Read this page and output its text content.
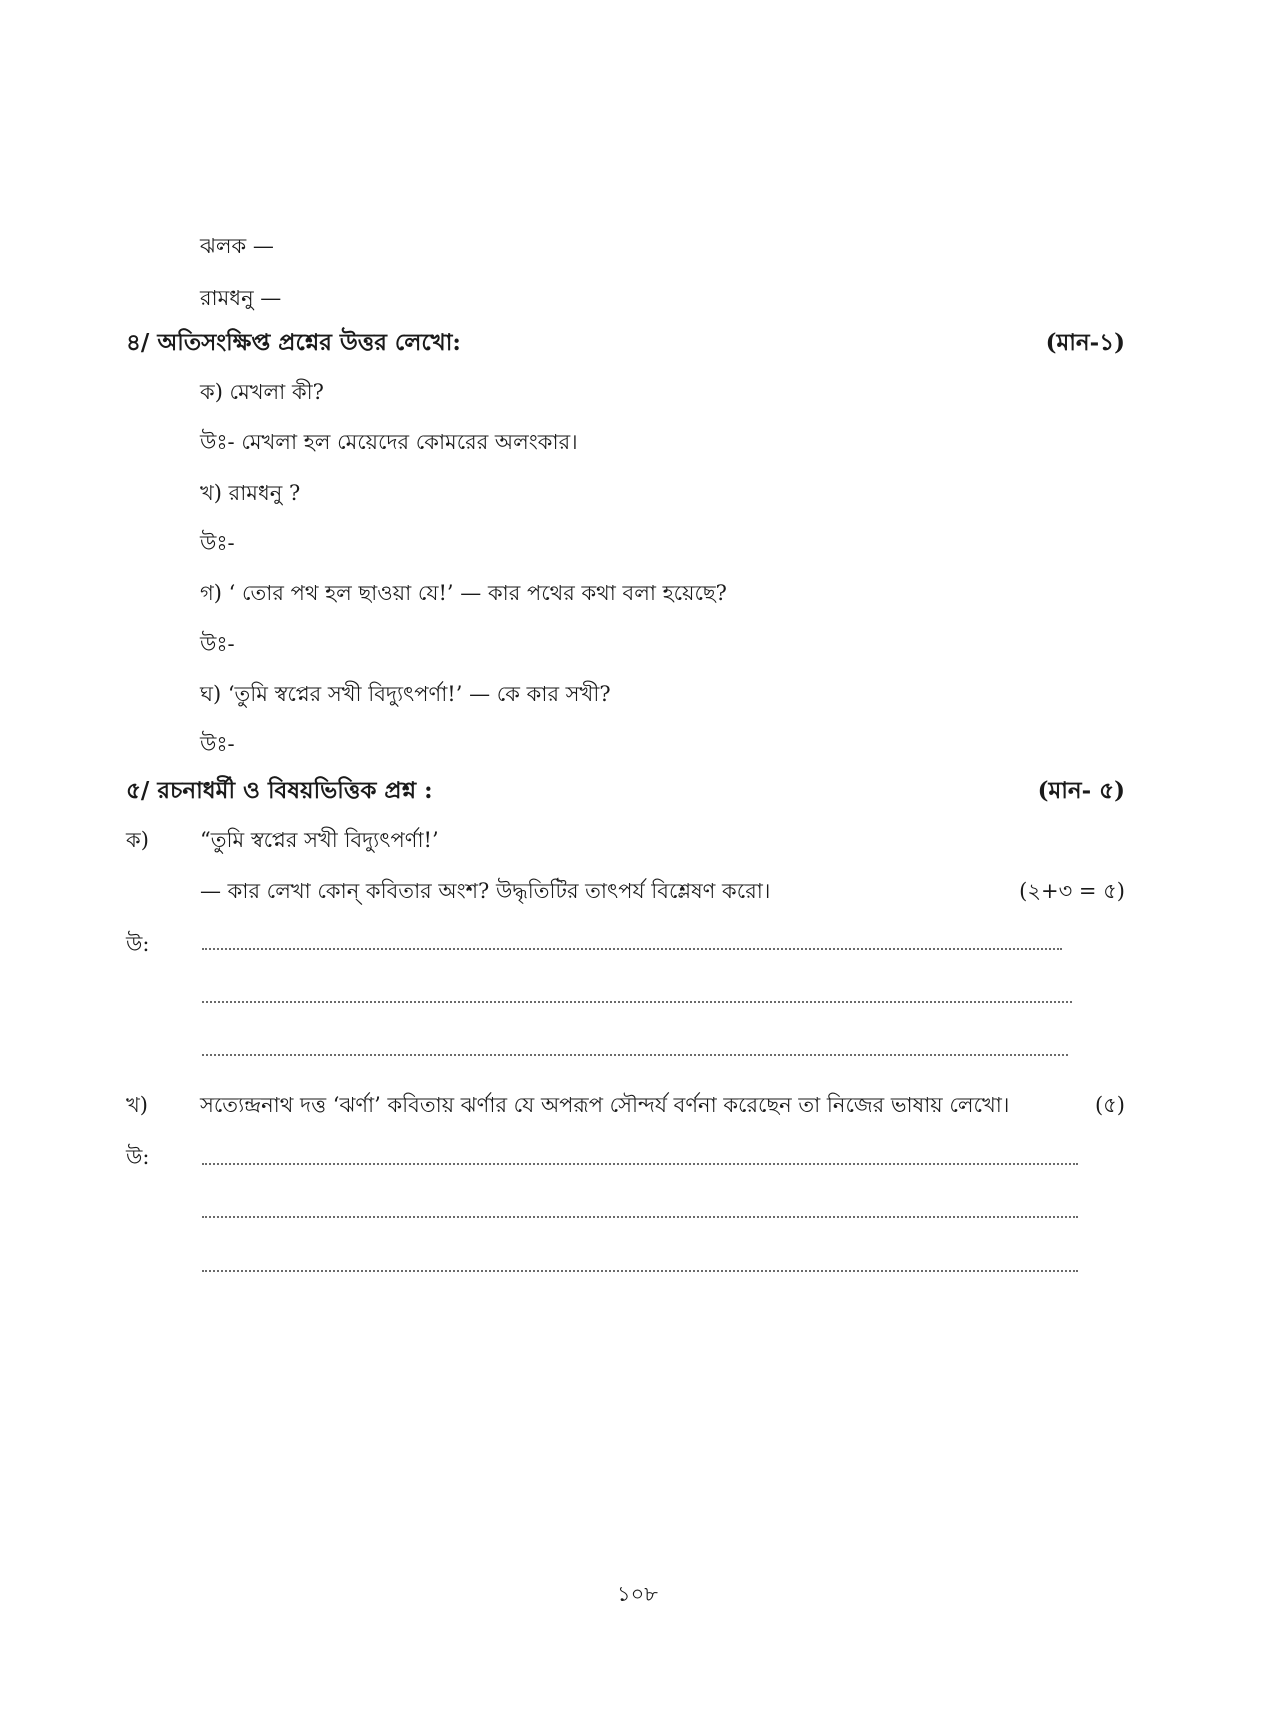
ঝলক —
রামধনু —
৪/ অতিসংক্ষিপ্ত প্রশ্নের উত্তর লেখো:	(মান-১)
ক) মেখলা কী?
উঃ- মেখলা হল মেয়েদের কোমরের অলংকার।
খ) রামধনু ?
উঃ-
গ) ‘ তোর পথ হল ছাওয়া যে!’ — কার পথের কথা বলা হয়েছে?
উঃ-
ঘ) ‘তুমি স্বপ্নের সখী বিদ্যুৎপর্ণা!’ — কে কার সখী?
উঃ-
৫/ রচনাধর্মী ও বিষয়ভিত্তিক প্রশ্ন :	(মান- ৫)
ক) “তুমি স্বপ্নের সখী বিদ্যুৎপর্ণা!’
— কার লেখা কোন্ কবিতার অংশ? উদ্ধৃতিটির তাৎপর্য বিশ্লেষণ করো।	(২+৩ = ৫)
উ:
খ) সত্যেন্দ্রনাথ দত্ত ‘ঝর্ণা’ কবিতায় ঝর্ণার যে অপরূপ সৌন্দর্য বর্ণনা করেছেন তা নিজের ভাষায় লেখো।	(৫)
উ:
১০৮
